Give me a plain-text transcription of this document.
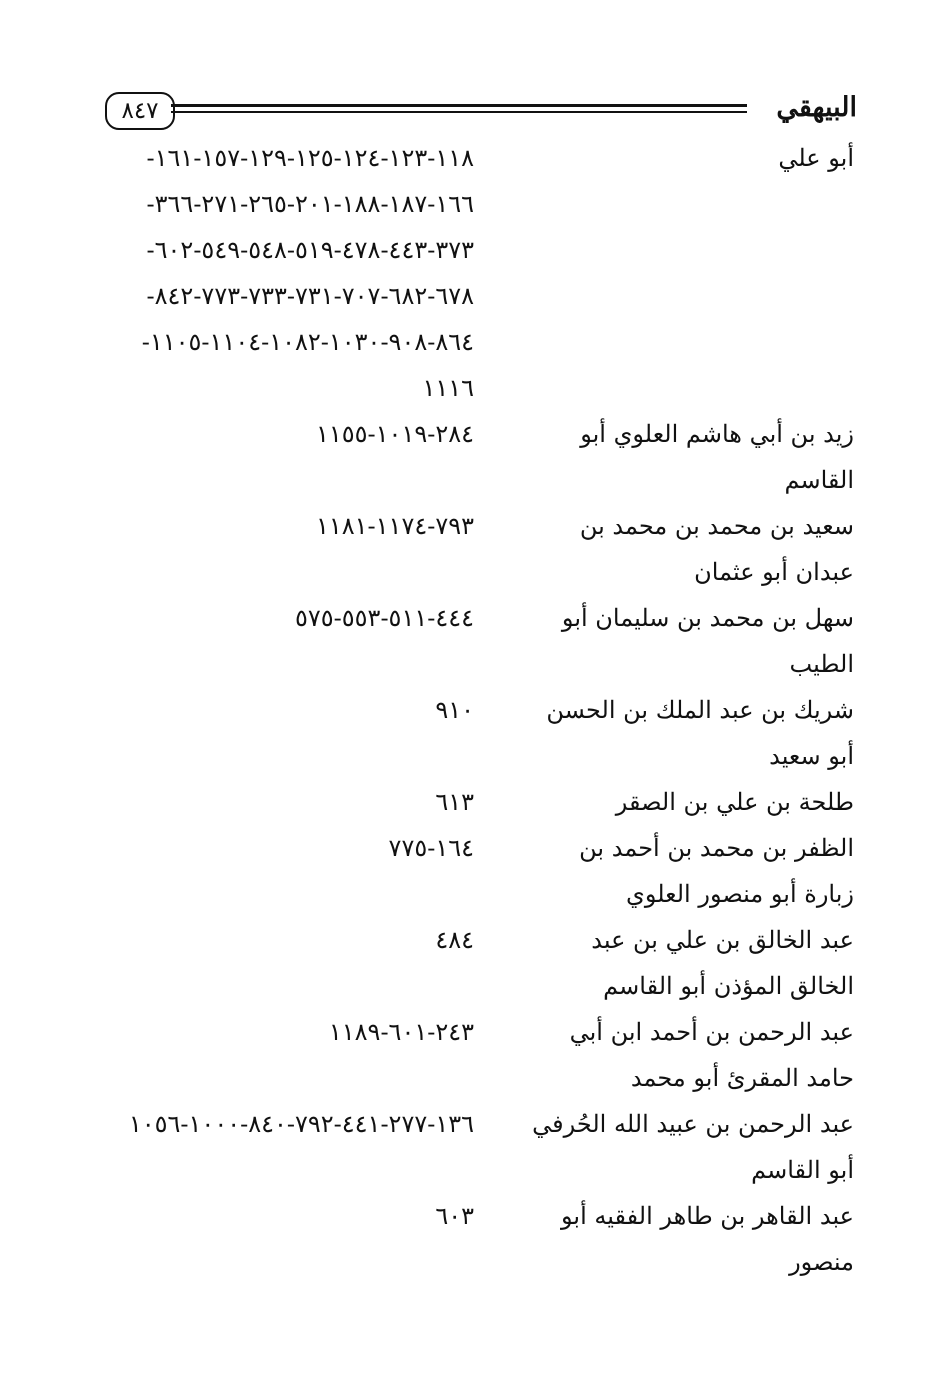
٨٤٧	البيهقي
أبو علي
١١٨-١٢٣-١٢٤-١٢٥-١٢٩-١٥٧-١٦١-
١٦٦-١٨٧-١٨٨-٢٠١-٢٦٥-٢٧١-٣٦٦-
٣٧٣-٤٤٣-٤٧٨-٥١٩-٥٤٨-٥٤٩-٦٠٢-
٦٧٨-٦٨٢-٧٠٧-٧٣١-٧٣٣-٧٧٣-٨٤٢-
٨٦٤-٩٠٨-١٠٣٠-١٠٨٢-١١٠٤-١١٠٥-
١١١٦
زيد بن أبي هاشم العلوي أبو
القاسم
٢٨٤-١٠١٩-١١٥٥
سعيد بن محمد بن محمد بن
عبدان أبو عثمان
٧٩٣-١١٧٤-١١٨١
سهل بن محمد بن سليمان أبو
الطيب
٤٤٤-٥١١-٥٥٣-٥٧٥
شريك بن عبد الملك بن الحسن
أبو سعيد
٩١٠
طلحة بن علي بن الصقر
٦١٣
الظفر بن محمد بن أحمد بن
زبارة أبو منصور العلوي
١٦٤-٧٧٥
عبد الخالق بن علي بن عبد
الخالق المؤذن أبو القاسم
٤٨٤
عبد الرحمن بن أحمد ابن أبي
حامد المقرئ أبو محمد
٢٤٣-٦٠١-١١٨٩
عبد الرحمن بن عبيد الله الحُرفي
أبو القاسم
١٣٦-٢٧٧-٤٤١-٧٩٢-٨٤٠-١٠٠٠-١٠٥٦
عبد القاهر بن طاهر الفقيه أبو
منصور
٦٠٣
